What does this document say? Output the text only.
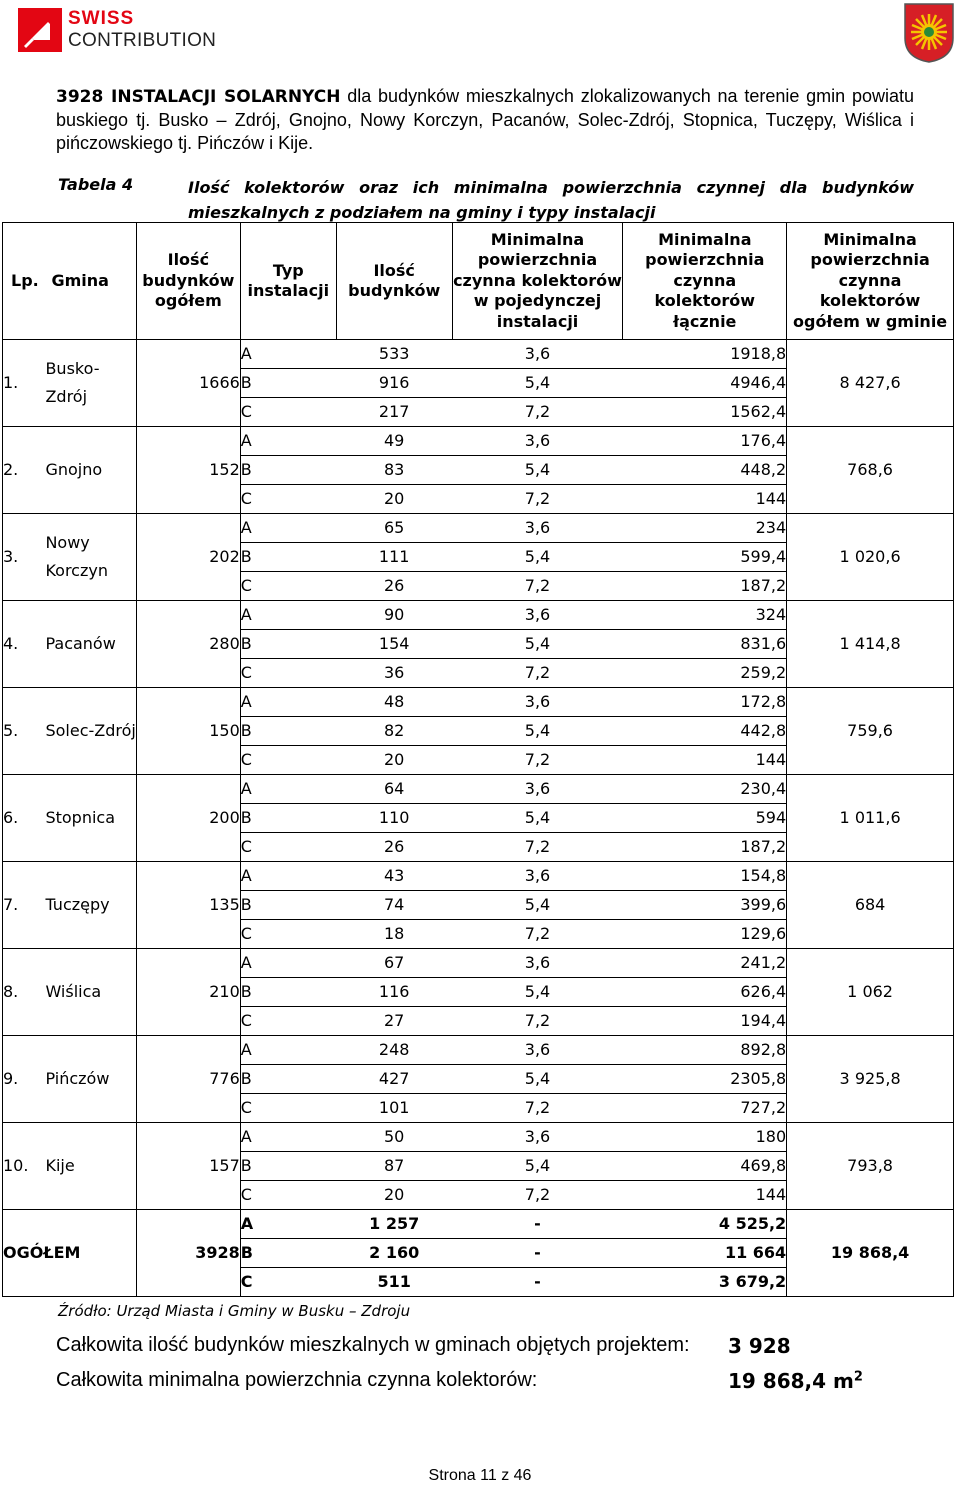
SWISS
CONTRIBUTION
3928 INSTALACJI SOLARNYCH dla budynków mieszkalnych zlokalizowanych na terenie gmin powiatu buskiego tj. Busko – Zdrój, Gnojno, Nowy Korczyn, Pacanów, Solec-Zdrój, Stopnica, Tuczępy, Wiślica i pińczowskiego tj. Pińczów i Kije.
Tabela 4	Ilość kolektorów oraz ich minimalna powierzchnia czynnej dla budynków mieszkalnych z podziałem na gminy i typy instalacji
Lp.	Gmina	Ilość budynków ogółem	Typ instalacji	Ilość budynków	Minimalna powierzchnia czynna kolektorów w pojedynczej instalacji	Minimalna powierzchnia czynna kolektorów łącznie	Minimalna powierzchnia czynna kolektorów ogółem w gminie
1.	Busko-Zdrój	1666	A	533	3,6	1918,8	8 427,6
			B	916	5,4	4946,4	
			C	217	7,2	1562,4	
2.	Gnojno	152	A	49	3,6	176,4	768,6
			B	83	5,4	448,2	
			C	20	7,2	144	
3.	Nowy Korczyn	202	A	65	3,6	234	1 020,6
			B	111	5,4	599,4	
			C	26	7,2	187,2	
4.	Pacanów	280	A	90	3,6	324	1 414,8
			B	154	5,4	831,6	
			C	36	7,2	259,2	
5.	Solec-Zdrój	150	A	48	3,6	172,8	759,6
			B	82	5,4	442,8	
			C	20	7,2	144	
6.	Stopnica	200	A	64	3,6	230,4	1 011,6
			B	110	5,4	594	
			C	26	7,2	187,2	
7.	Tuczępy	135	A	43	3,6	154,8	684
			B	74	5,4	399,6	
			C	18	7,2	129,6	
8.	Wiślica	210	A	67	3,6	241,2	1 062
			B	116	5,4	626,4	
			C	27	7,2	194,4	
9.	Pińczów	776	A	248	3,6	892,8	3 925,8
			B	427	5,4	2305,8	
			C	101	7,2	727,2	
10.	Kije	157	A	50	3,6	180	793,8
			B	87	5,4	469,8	
			C	20	7,2	144	
OGÓŁEM		3928	A	1 257	-	4 525,2	19 868,4
			B	2 160	-	11 664	
			C	511	-	3 679,2	
Źródło: Urząd Miasta i Gminy w Busku – Zdroju
Całkowita ilość budynków mieszkalnych w gminach objętych projektem: 3 928
Całkowita minimalna powierzchnia czynna kolektorów:	19 868,4 $m^2$
Strona 11 z 46
